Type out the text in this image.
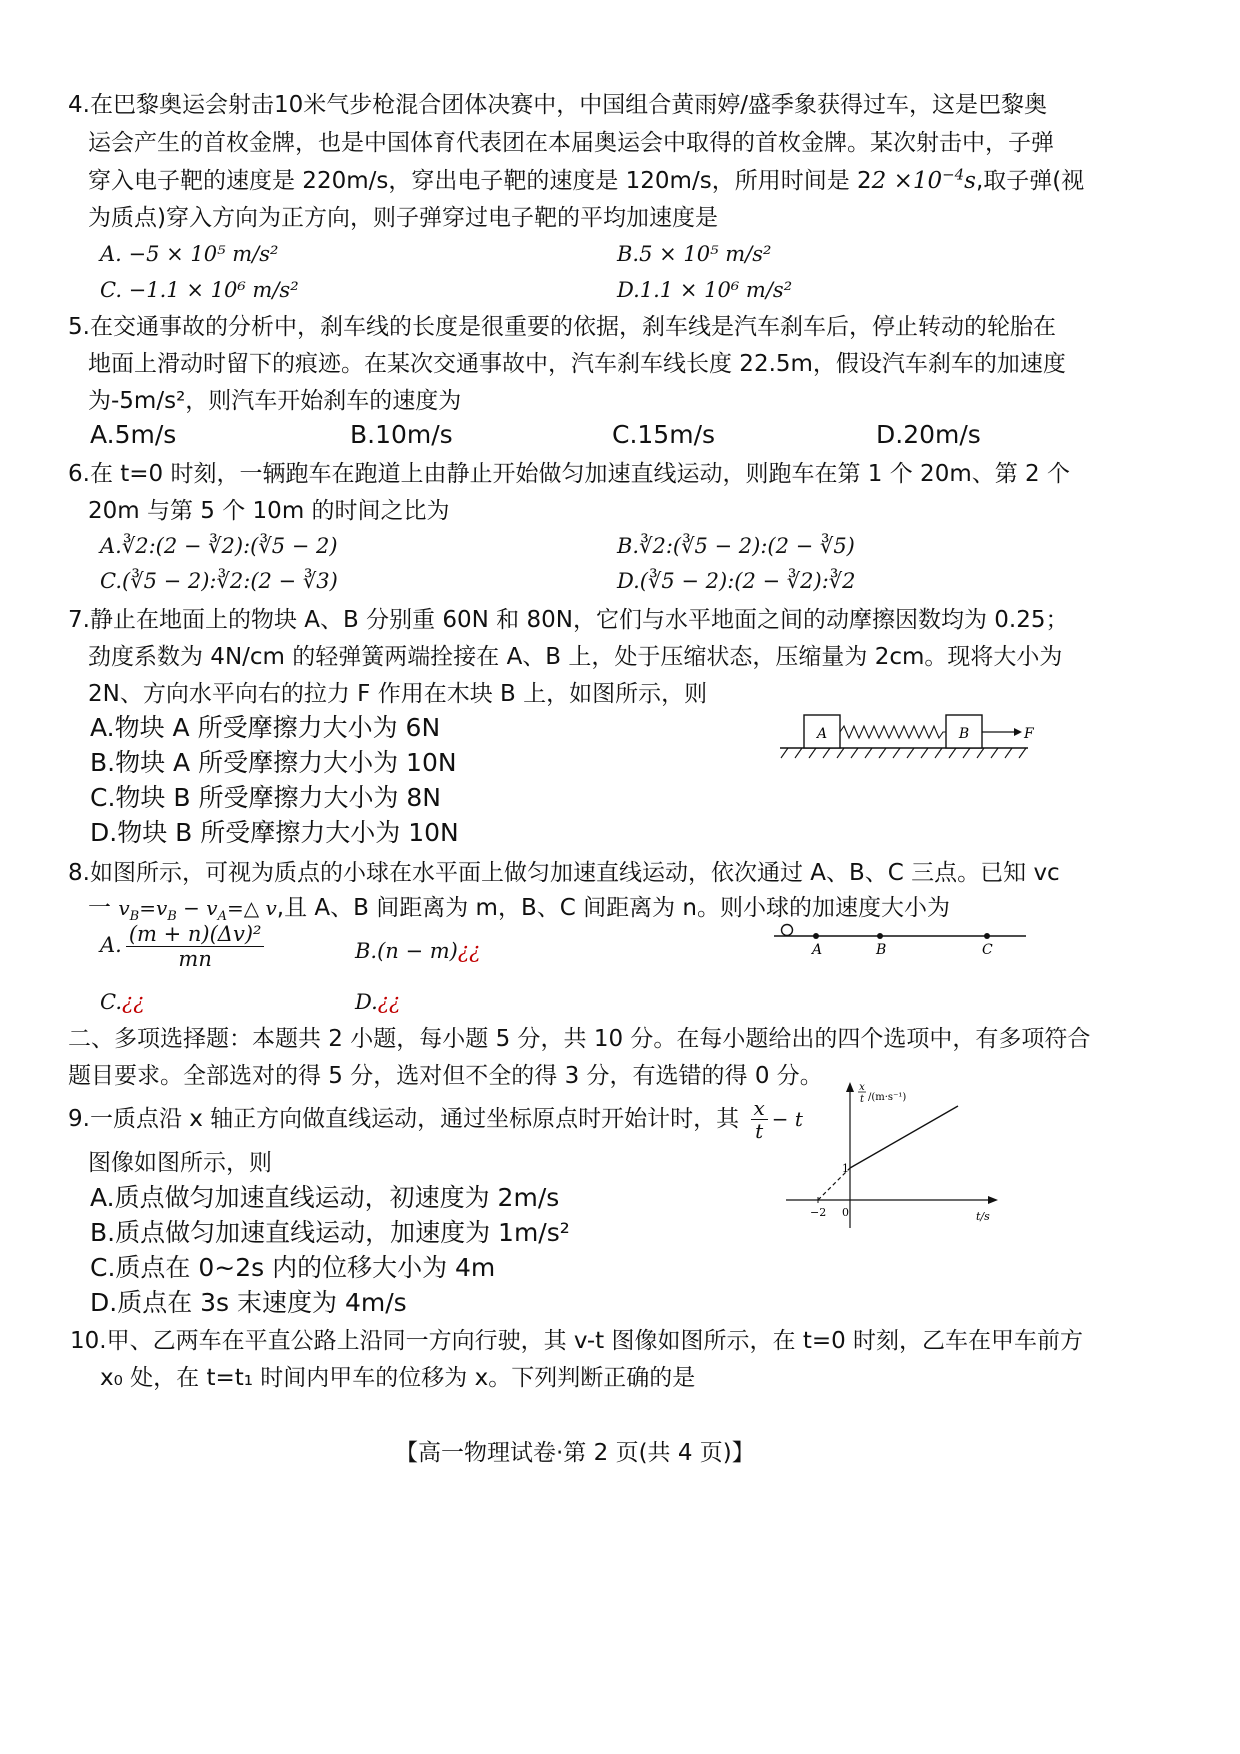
4.在巴黎奥运会射击10米气步枪混合团体决赛中，中国组合黄雨婷/盛季象获得过车，这是巴黎奥
运会产生的首枚金牌，也是中国体育代表团在本届奥运会中取得的首枚金牌。某次射击中，子弹
穿入电子靶的速度是 220m/s，穿出电子靶的速度是 120m/s，所用时间是 $22 \times 10^{-4}s$,取子弹(视
为质点)穿入方向为正方向，则子弹穿过电子靶的平均加速度是
A. −5 × 10⁵ m/s²	B.5 × 10⁵ m/s²
C. −1.1 × 10⁶ m/s²	D.1.1 × 10⁶ m/s²
5.在交通事故的分析中，刹车线的长度是很重要的依据，刹车线是汽车刹车后，停止转动的轮胎在
地面上滑动时留下的痕迹。在某次交通事故中，汽车刹车线长度 22.5m，假设汽车刹车的加速度
为-5m/s²，则汽车开始刹车的速度为
A.5m/s	B.10m/s	C.15m/s	D.20m/s
6.在 t=0 时刻，一辆跑车在跑道上由静止开始做匀加速直线运动，则跑车在第 1 个 20m、第 2 个
20m 与第 5 个 10m 的时间之比为
A.∛2:(2 − ∛2):(∛5 − 2)	B.∛2:(∛5 − 2):(2 − ∛5)
C.(∛5 − 2):∛2:(2 − ∛3)	D.(∛5 − 2):(2 − ∛2):∛2
7.静止在地面上的物块 A、B 分别重 60N 和 80N，它们与水平地面之间的动摩擦因数均为 0.25；
劲度系数为 4N/cm 的轻弹簧两端拴接在 A、B 上，处于压缩状态，压缩量为 2cm。现将大小为
2N、方向水平向右的拉力 F 作用在木块 B 上，如图所示，则
A.物块 A 所受摩擦力大小为 6N
B.物块 A 所受摩擦力大小为 10N
C.物块 B 所受摩擦力大小为 8N
D.物块 B 所受摩擦力大小为 10N
A	B	F
8.如图所示，可视为质点的小球在水平面上做匀加速直线运动，依次通过 A、B、C 三点。已知 vc
一 $v_B=v_B$ − $v_A=\triangle$ v,且 A、B 间距离为 m，B、C 间距离为 n。则小球的加速度大小为
A. $\frac{\text{(m + n)(Δv)²}}{mn}$	B.(n − m)¿¿
C.¿¿	D.¿¿
A	B	C
二、多项选择题：本题共 2 小题，每小题 5 分，共 10 分。在每小题给出的四个选项中，有多项符合
题目要求。全部选对的得 5 分，选对但不全的得 3 分，有选错的得 0 分。
9.一质点沿 x 轴正方向做直线运动，通过坐标原点时开始计时，其 $\frac{x}{t} - t$
图像如图所示，则
A.质点做匀加速直线运动，初速度为 2m/s
B.质点做匀加速直线运动，加速度为 1m/s²
C.质点在 0~2s 内的位移大小为 4m
D.质点在 3s 末速度为 4m/s
x
t /(m·s⁻¹)
1
−2 0	t/s
10.甲、乙两车在平直公路上沿同一方向行驶，其 v-t 图像如图所示，在 t=0 时刻，乙车在甲车前方
x₀ 处，在 t=t₁ 时间内甲车的位移为 x。下列判断正确的是
【高一物理试卷·第 2 页(共 4 页)】
